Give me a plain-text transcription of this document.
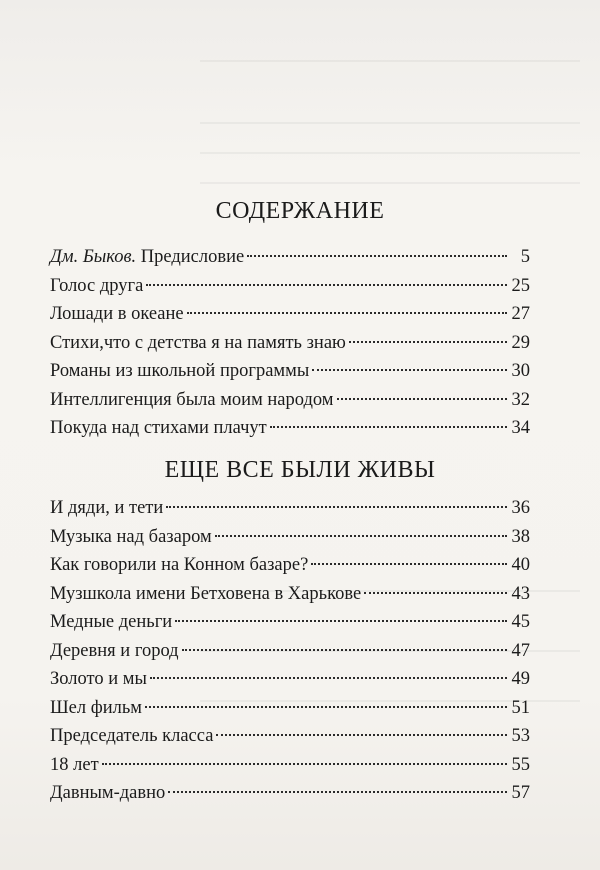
СОДЕРЖАНИЕ
Дм. Быков. Предисловие	5
Голос друга	25
Лошади в океане	27
Стихи,что с детства я на память знаю	29
Романы из школьной программы	30
Интеллигенция была моим народом	32
Покуда над стихами плачут	34
ЕЩЕ ВСЕ БЫЛИ ЖИВЫ
И дяди, и тети	36
Музыка над базаром	38
Как говорили на Конном базаре?	40
Музшкола имени Бетховена в Харькове	43
Медные деньги	45
Деревня и город	47
Золото и мы	49
Шел фильм	51
Председатель класса	53
18 лет	55
Давным-давно	57
